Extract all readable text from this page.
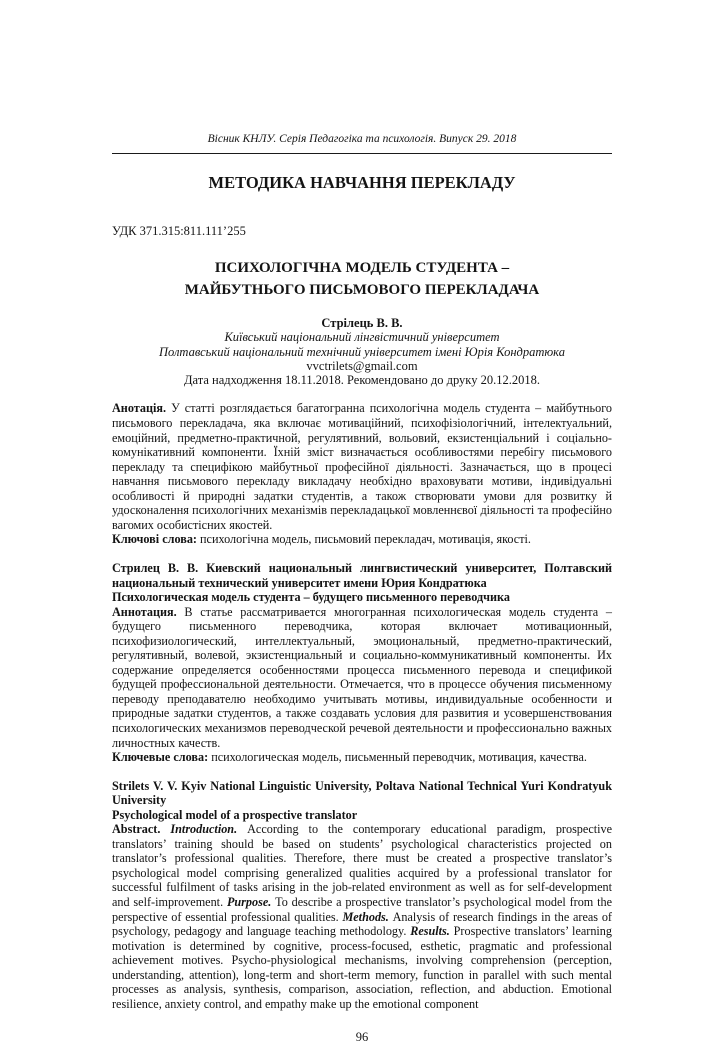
Вісник КНЛУ. Серія Педагогіка та психологія. Випуск 29. 2018
МЕТОДИКА НАВЧАННЯ ПЕРЕКЛАДУ
УДК 371.315:811.111’255
ПСИХОЛОГІЧНА МОДЕЛЬ СТУДЕНТА –
МАЙБУТНЬОГО ПИСЬМОВОГО ПЕРЕКЛАДАЧА
Стрілець В. В.
Київський національний лінгвістичний університет
Полтавський національний технічний університет імені Юрія Кондратюка
vvctrilets@gmail.com
Дата надходження 18.11.2018. Рекомендовано до друку 20.12.2018.
Анотація. У статті розглядається багатогранна психологічна модель студента – майбутнього письмового перекладача, яка включає мотиваційний, психофізіологічний, інтелектуальний, емоційний, предметно-практичной, регулятивний, вольовий, екзистенціальний і соціально-комунікативний компоненти. Їхній зміст визначається особливостями перебігу письмового перекладу та специфікою майбутньої професійної діяльності. Зазначається, що в процесі навчання письмового перекладу викладачу необхідно враховувати мотиви, індивідуальні особливості й природні задатки студентів, а також створювати умови для розвитку й удосконалення психологічних механізмів перекладацької мовленнєвої діяльності та професійно вагомих особистісних якостей.
Ключові слова: психологічна модель, письмовий перекладач, мотивація, якості.
Стрилец В. В. Киевский национальный лингвистический университет, Полтавский национальный технический университет имени Юрия Кондратюка
Психологическая модель студента – будущего письменного переводчика
Аннотация. В статье рассматривается многогранная психологическая модель студента – будущего письменного переводчика, которая включает мотивационный, психофизиологический, интеллектуальный, эмоциональный, предметно-практический, регулятивный, волевой, экзистенциальный и социально-коммуникативный компоненты. Их содержание определяется особенностями процесса письменного перевода и спецификой будущей профессиональной деятельности. Отмечается, что в процессе обучения письменному переводу преподавателю необходимо учитывать мотивы, индивидуальные особенности и природные задатки студентов, а также создавать условия для развития и усовершенствования психологических механизмов переводческой речевой деятельности и профессионально важных личностных качеств.
Ключевые слова: психологическая модель, письменный переводчик, мотивация, качества.
Strilets V. V. Kyiv National Linguistic University, Poltava National Technical Yuri Kondratyuk University
Psychological model of a prospective translator
Abstract. Introduction. According to the contemporary educational paradigm, prospective translators’ training should be based on students’ psychological characteristics projected on translator’s professional qualities. Therefore, there must be created a prospective translator’s psychological model comprising generalized qualities acquired by a professional translator for successful fulfilment of tasks arising in the job-related environment as well as for self-development and self-improvement. Purpose. To describe a prospective translator’s psychological model from the perspective of essential professional qualities. Methods. Analysis of research findings in the areas of psychology, pedagogy and language teaching methodology. Results. Prospective translators’ learning motivation is determined by cognitive, process-focused, esthetic, pragmatic and professional achievement motives. Psycho-physiological mechanisms, involving comprehension (perception, understanding, attention), long-term and short-term memory, function in parallel with such mental processes as analysis, synthesis, comparison, association, reflection, and abduction. Emotional resilience, anxiety control, and empathy make up the emotional component
96
